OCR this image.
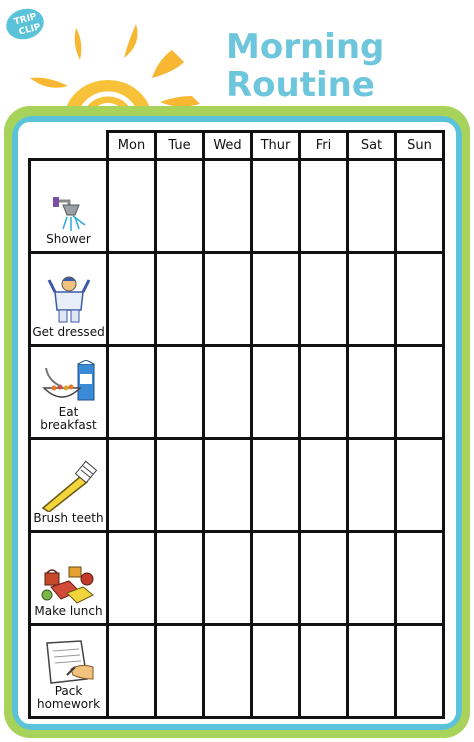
TRIP
CLIP	Morning
Routine
	Mon	Tue	Wed	Thur	Fri	Sat	Sun

Shower							

Get dressed							

Eat breakfast							

Brush teeth							

Make lunch							

Pack homework							
